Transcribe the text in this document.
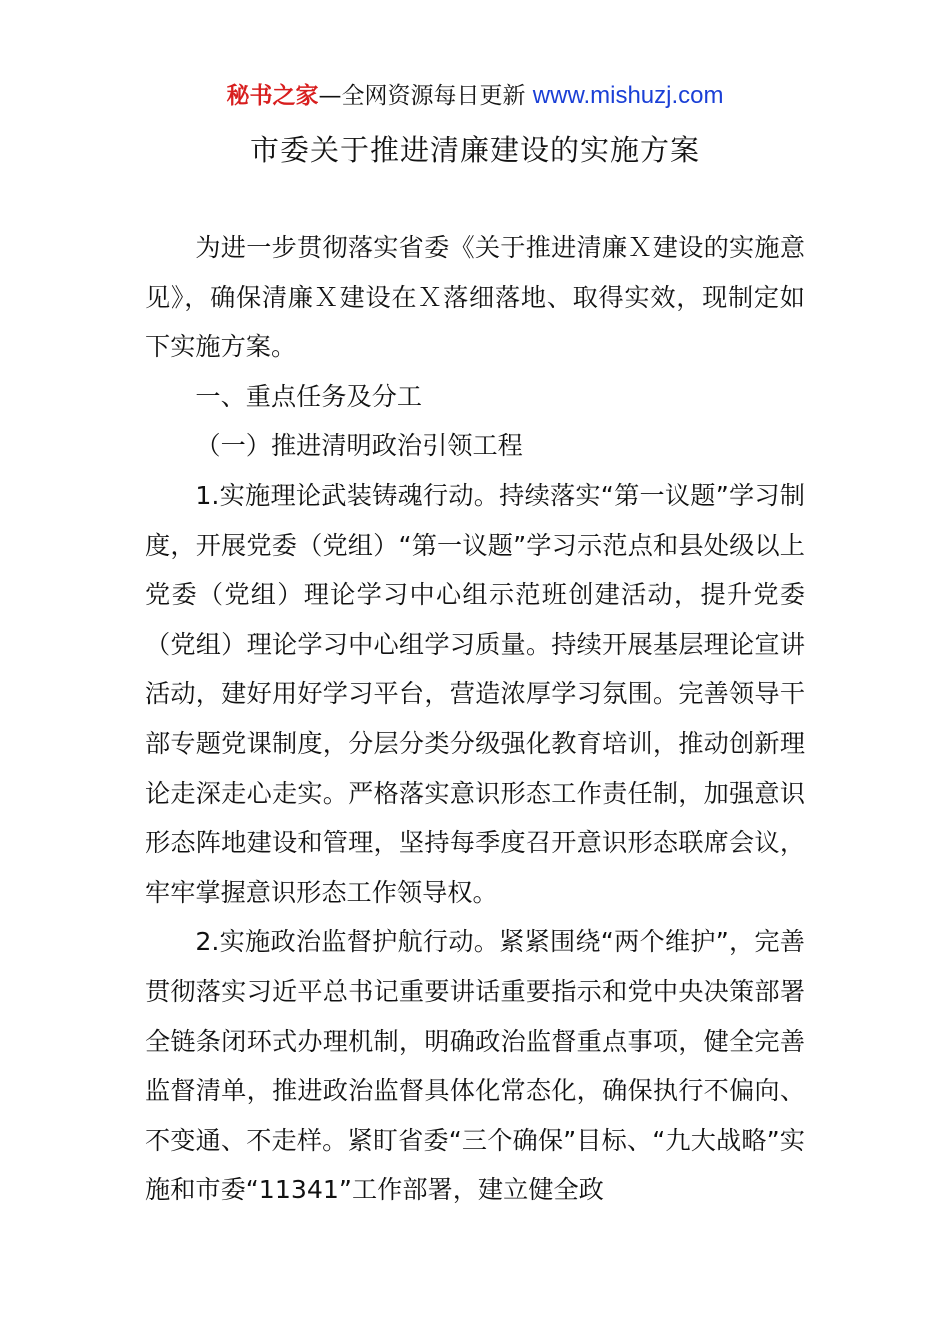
秘书之家—全网资源每日更新 www.mishuzj.com
市委关于推进清廉建设的实施方案

为进一步贯彻落实省委《关于推进清廉Ｘ建设的实施意见》，确保清廉Ｘ建设在Ｘ落细落地、取得实效，现制定如下实施方案。

一、重点任务及分工

（一）推进清明政治引领工程

1.实施理论武装铸魂行动。持续落实“第一议题”学习制度，开展党委（党组）“第一议题”学习示范点和县处级以上党委（党组）理论学习中心组示范班创建活动，提升党委（党组）理论学习中心组学习质量。持续开展基层理论宣讲活动，建好用好学习平台，营造浓厚学习氛围。完善领导干部专题党课制度，分层分类分级强化教育培训，推动创新理论走深走心走实。严格落实意识形态工作责任制，加强意识形态阵地建设和管理，坚持每季度召开意识形态联席会议，牢牢掌握意识形态工作领导权。

2.实施政治监督护航行动。紧紧围绕“两个维护”，完善贯彻落实习近平总书记重要讲话重要指示和党中央决策部署全链条闭环式办理机制，明确政治监督重点事项，健全完善监督清单，推进政治监督具体化常态化，确保执行不偏向、不变通、不走样。紧盯省委“三个确保”目标、“九大战略”实施和市委“11341”工作部署，建立健全政
